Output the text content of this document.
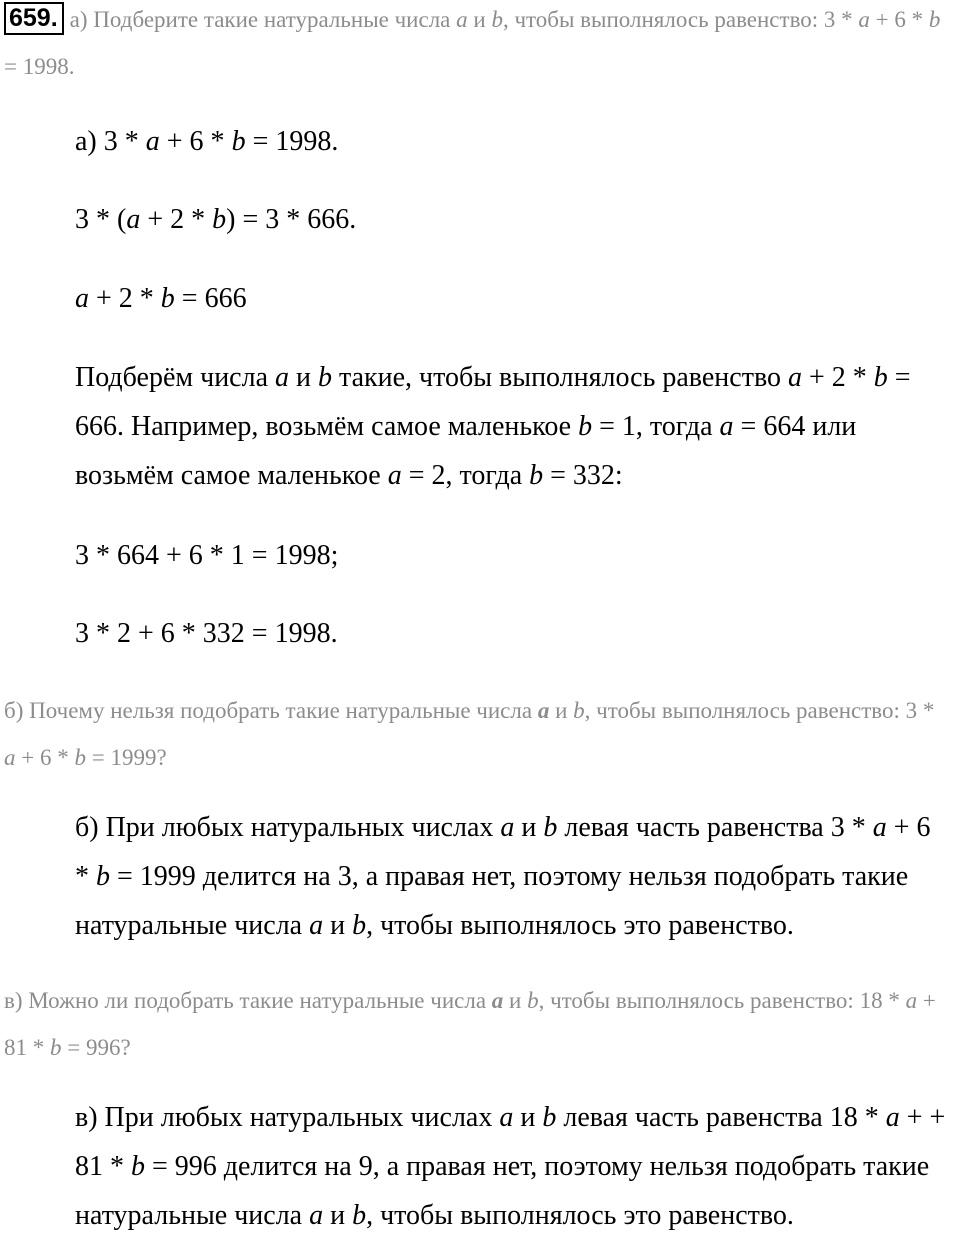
659. а) Подберите такие натуральные числа a и b, чтобы выполнялось равенство: 3 * a + 6 * b = 1998.

а) 3 * a + 6 * b = 1998.

3 * (a + 2 * b) = 3 * 666.

a + 2 * b = 666

Подберём числа a и b такие, чтобы выполнялось равенство a + 2 * b = 666. Например, возьмём самое маленькое b = 1, тогда a = 664 или возьмём самое маленькое a = 2, тогда b = 332:

3 * 664 + 6 * 1 = 1998;

3 * 2 + 6 * 332 = 1998.

б) Почему нельзя подобрать такие натуральные числа a и b, чтобы выполнялось равенство: 3 * a + 6 * b = 1999?

б) При любых натуральных числах a и b левая часть равенства 3 * a + 6 * b = 1999 делится на 3, а правая нет, поэтому нельзя подобрать такие натуральные числа a и b, чтобы выполнялось это равенство.

в) Можно ли подобрать такие натуральные числа a и b, чтобы выполнялось равенство: 18 * a + 81 * b = 996?

в) При любых натуральных числах a и b левая часть равенства 18 * a + + 81 * b = 996 делится на 9, а правая нет, поэтому нельзя подобрать такие натуральные числа a и b, чтобы выполнялось это равенство.
